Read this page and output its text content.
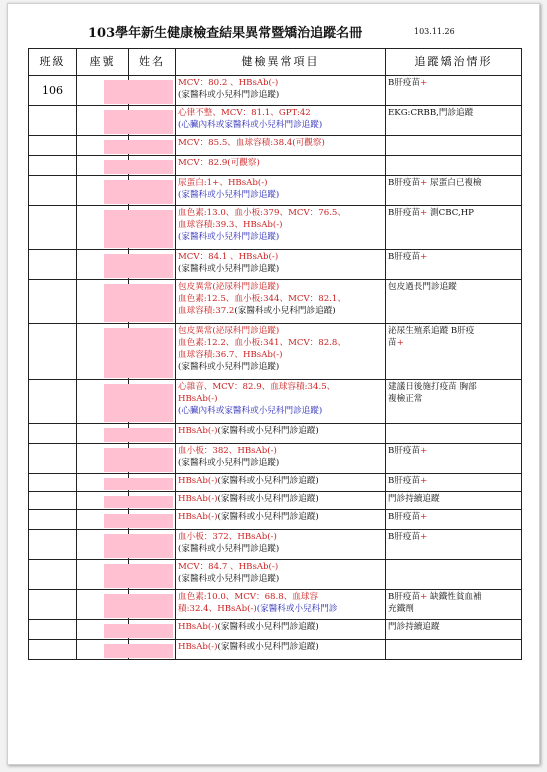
103學年新生健康檢查結果異常暨矯治追蹤名冊	103.11.26
班級	座號	姓名	健檢異常項目	追蹤矯治情形
106			MCV：80.2 、HBsAb(-)
(家醫科或小兒科門診追蹤)	B肝疫苗+

			心律不整、MCV：81.1、GPT:42
(心臟內科或家醫科或小兒科門診追蹤)	EKG:CRBB,門診追蹤

			MCV：85.5、血球容積:38.4(可觀察)	

			MCV：82.9(可觀察)	

			尿蛋白:1+、HBsAb(-)
(家醫科或小兒科門診追蹤)	B肝疫苗+ 尿蛋白已複檢

			血色素:13.0、血小板:379、MCV：76.5、
血球容積:39.3、HBsAb(-)
(家醫科或小兒科門診追蹤)	B肝疫苗+ 測CBC,HP

			MCV：84.1 、HBsAb(-)
(家醫科或小兒科門診追蹤)	B肝疫苗+

			包皮異常(泌尿科門診追蹤)
血色素:12.5、血小板:344、MCV：82.1、
血球容積:37.2(家醫科或小兒科門診追蹤)	包皮過長門診追蹤

			包皮異常(泌尿科門診追蹤)
血色素:12.2、血小板:341、MCV：82.8、
血球容積:36.7、HBsAb(-)
(家醫科或小兒科門診追蹤)	泌尿生殖系追蹤 B肝疫
苗+

			心雜音、MCV：82.9、血球容積:34.5、
HBsAb(-)
(心臟內科或家醫科或小兒科門診追蹤)	建議日後施打疫苗 胸部
複檢正常

			HBsAb(-)(家醫科或小兒科門診追蹤)	

			血小板：382、HBsAb(-)
(家醫科或小兒科門診追蹤)	B肝疫苗+

			HBsAb(-)(家醫科或小兒科門診追蹤)	B肝疫苗+

			HBsAb(-)(家醫科或小兒科門診追蹤)	門診持續追蹤

			HBsAb(-)(家醫科或小兒科門診追蹤)	B肝疫苗+

			血小板：372、HBsAb(-)
(家醫科或小兒科門診追蹤)	B肝疫苗+

			MCV：84.7 、HBsAb(-)
(家醫科或小兒科門診追蹤)	

			血色素:10.0、MCV：68.8、血球容
積:32.4、HBsAb(-)(家醫科或小兒科門診	B肝疫苗+ 缺鐵性貧血補
充鐵劑

			HBsAb(-)(家醫科或小兒科門診追蹤)	門診持續追蹤

			HBsAb(-)(家醫科或小兒科門診追蹤)	
